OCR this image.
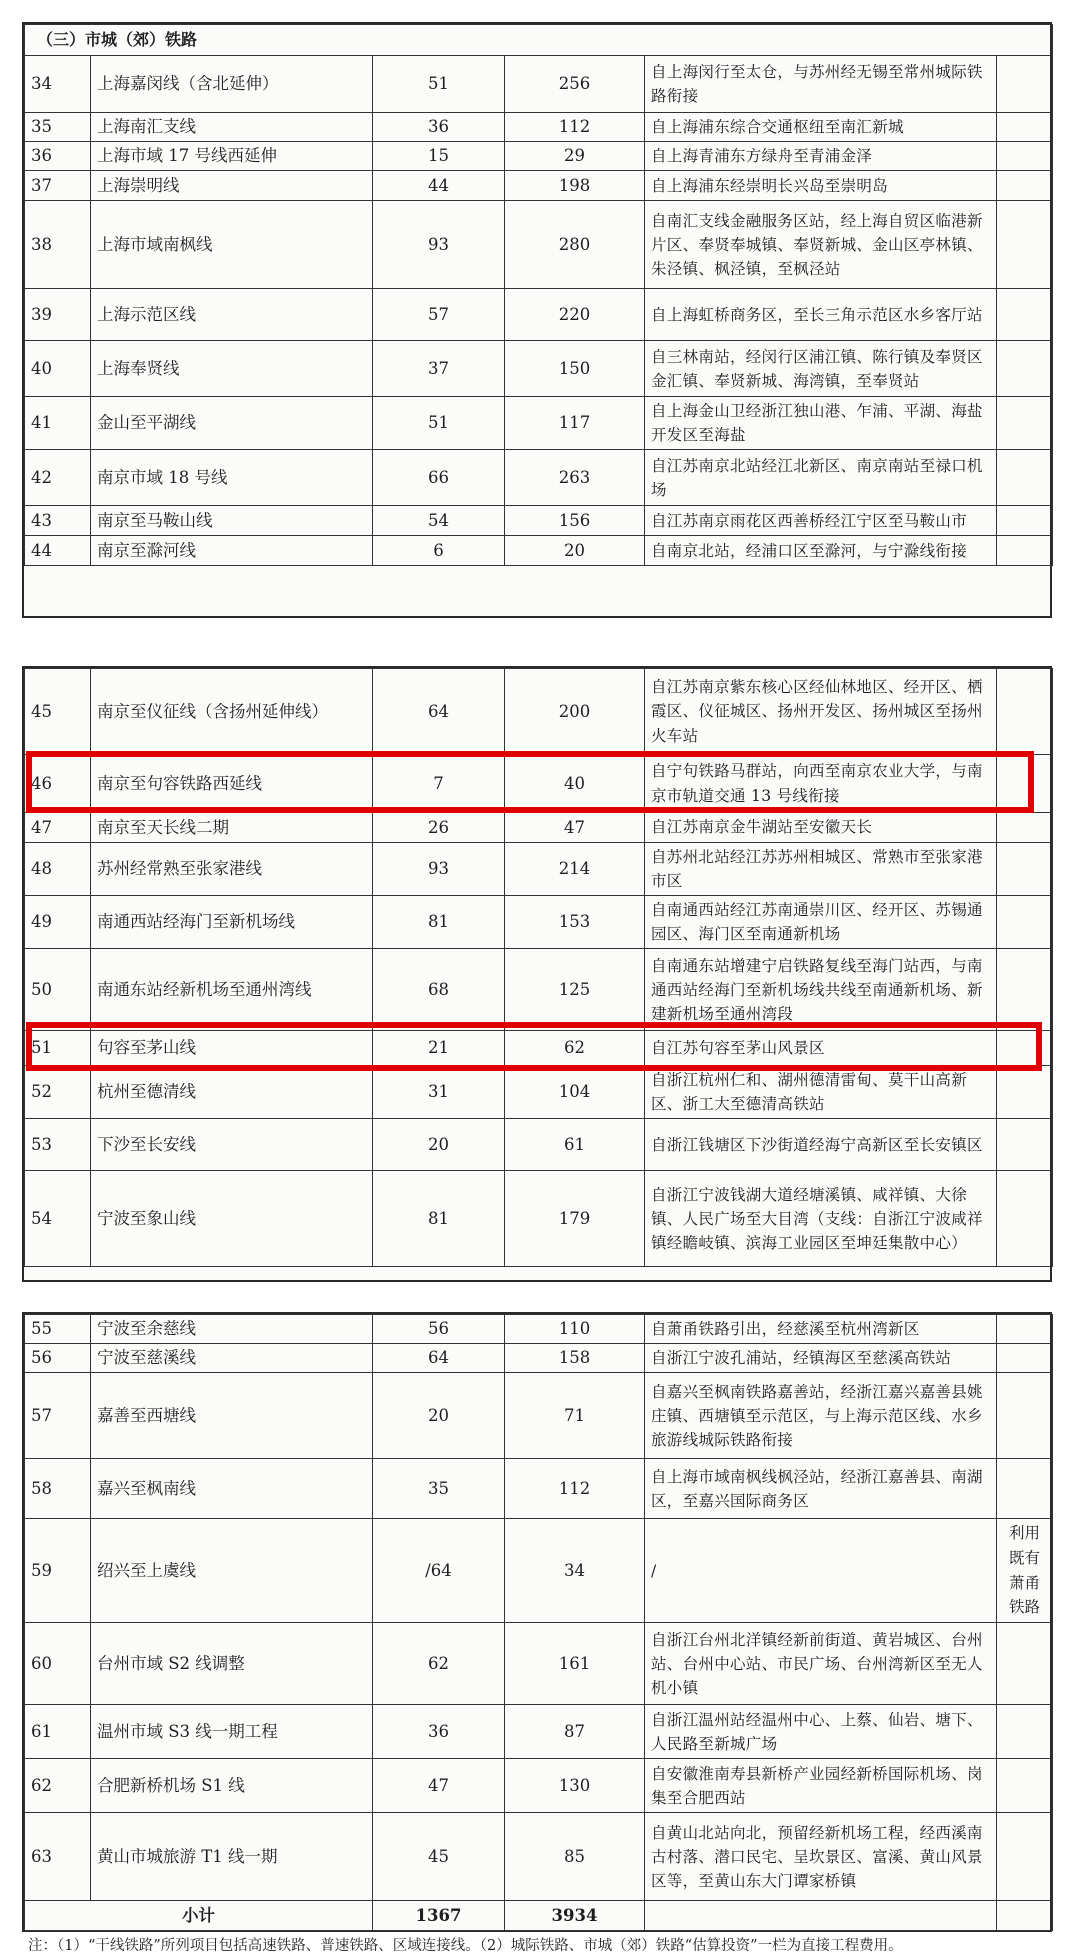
（三）市城（郊）铁路					
34	上海嘉闵线（含北延伸）	51	256	自上海闵行至太仓，与苏州经无锡至常州城际铁路衔接	
35	上海南汇支线	36	112	自上海浦东综合交通枢纽至南汇新城	
36	上海市域 17 号线西延伸	15	29	自上海青浦东方绿舟至青浦金泽	
37	上海崇明线	44	198	自上海浦东经崇明长兴岛至崇明岛	
38	上海市域南枫线	93	280	自南汇支线金融服务区站，经上海自贸区临港新片区、奉贤奉城镇、奉贤新城、金山区亭林镇、朱泾镇、枫泾镇，至枫泾站	
39	上海示范区线	57	220	自上海虹桥商务区，至长三角示范区水乡客厅站	
40	上海奉贤线	37	150	自三林南站，经闵行区浦江镇、陈行镇及奉贤区金汇镇、奉贤新城、海湾镇，至奉贤站	
41	金山至平湖线	51	117	自上海金山卫经浙江独山港、乍浦、平湖、海盐开发区至海盐	
42	南京市域 18 号线	66	263	自江苏南京北站经江北新区、南京南站至禄口机场	
43	南京至马鞍山线	54	156	自江苏南京雨花区西善桥经江宁区至马鞍山市	
44	南京至滁河线	6	20	自南京北站，经浦口区至滁河，与宁滁线衔接	
45	南京至仪征线（含扬州延伸线）	64	200	自江苏南京紫东核心区经仙林地区、经开区、栖霞区、仪征城区、扬州开发区、扬州城区至扬州火车站	
46	南京至句容铁路西延线	7	40	自宁句铁路马群站，向西至南京农业大学，与南京市轨道交通 13 号线衔接	
47	南京至天长线二期	26	47	自江苏南京金牛湖站至安徽天长	
48	苏州经常熟至张家港线	93	214	自苏州北站经江苏苏州相城区、常熟市至张家港市区	
49	南通西站经海门至新机场线	81	153	自南通西站经江苏南通崇川区、经开区、苏锡通园区、海门区至南通新机场	
50	南通东站经新机场至通州湾线	68	125	自南通东站增建宁启铁路复线至海门站西，与南通西站经海门至新机场线共线至南通新机场、新建新机场至通州湾段	
51	句容至茅山线	21	62	自江苏句容至茅山风景区	
52	杭州至德清线	31	104	自浙江杭州仁和、湖州德清雷甸、莫干山高新区、浙工大至德清高铁站	
53	下沙至长安线	20	61	自浙江钱塘区下沙街道经海宁高新区至长安镇区	
54	宁波至象山线	81	179	自浙江宁波钱湖大道经塘溪镇、咸祥镇、大徐镇、人民广场至大目湾（支线：自浙江宁波咸祥镇经瞻岐镇、滨海工业园区至坤廷集散中心）	
55	宁波至余慈线	56	110	自萧甬铁路引出，经慈溪至杭州湾新区	
56	宁波至慈溪线	64	158	自浙江宁波孔浦站，经镇海区至慈溪高铁站	
57	嘉善至西塘线	20	71	自嘉兴至枫南铁路嘉善站，经浙江嘉兴嘉善县姚庄镇、西塘镇至示范区，与上海示范区线、水乡旅游线城际铁路衔接	
58	嘉兴至枫南线	35	112	自上海市域南枫线枫泾站，经浙江嘉善县、南湖区，至嘉兴国际商务区	
59	绍兴至上虞线	/64	34	/	利用既有萧甬铁路
60	台州市域 S2 线调整	62	161	自浙江台州北洋镇经新前街道、黄岩城区、台州站、台州中心站、市民广场、台州湾新区至无人机小镇	
61	温州市域 S3 线一期工程	36	87	自浙江温州站经温州中心、上蔡、仙岩、塘下、人民路至新城广场	
62	合肥新桥机场 S1 线	47	130	自安徽淮南寿县新桥产业园经新桥国际机场、岗集至合肥西站	
63	黄山市城旅游 T1 线一期	45	85	自黄山北站向北，预留经新机场工程，经西溪南古村落、潜口民宅、呈坎景区、富溪、黄山风景区等，至黄山东大门谭家桥镇	
小计		1367	3934		
注：（1）“干线铁路”所列项目包括高速铁路、普速铁路、区域连接线。（2）城际铁路、市城（郊）铁路“估算投资”一栏为直接工程费用。
